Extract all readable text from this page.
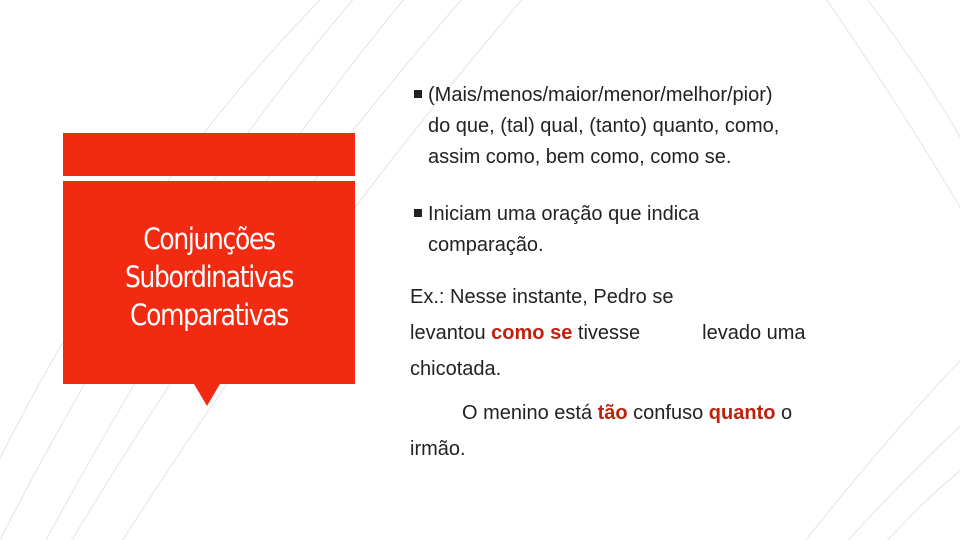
Conjunções
Subordinativas
Comparativas
(Mais/menos/maior/menor/melhor/pior)
do que, (tal) qual, (tanto) quanto, como,
assim como, bem como, como se.
Iniciam uma oração que indica
comparação.
Ex.: Nesse instante, Pedro se
levantou como se tivesse	levado uma
chicotada.
O menino está tão confuso quanto o
irmão.
